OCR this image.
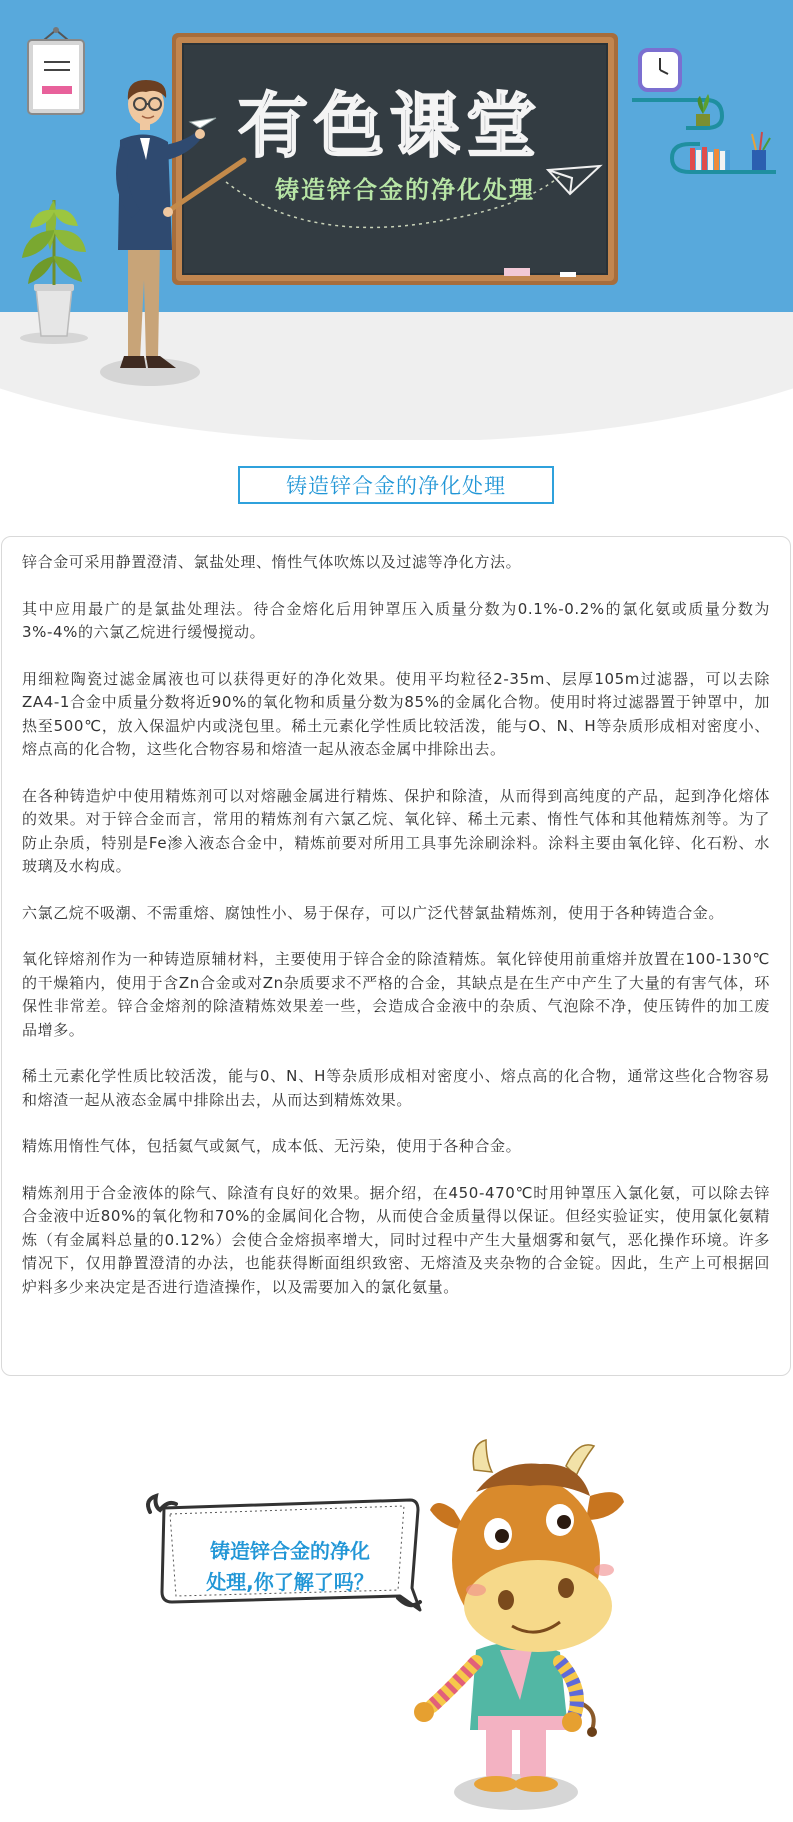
有色课堂
铸造锌合金的净化处理
铸造锌合金的净化处理

锌合金可采用静置澄清、氯盐处理、惰性气体吹炼以及过滤等净化方法。

其中应用最广的是氯盐处理法。待合金熔化后用钟罩压入质量分数为0.1%-0.2%的氯化氨或质量分数为3%-4%的六氯乙烷进行缓慢搅动。

用细粒陶瓷过滤金属液也可以获得更好的净化效果。使用平均粒径2-35m、层厚105m过滤器，可以去除ZA4-1合金中质量分数将近90%的氧化物和质量分数为85%的金属化合物。使用时将过滤器置于钟罩中，加热至500℃，放入保温炉内或浇包里。稀土元素化学性质比较活泼，能与O、N、H等杂质形成相对密度小、熔点高的化合物，这些化合物容易和熔渣一起从液态金属中排除出去。

在各种铸造炉中使用精炼剂可以对熔融金属进行精炼、保护和除渣，从而得到高纯度的产品，起到净化熔体的效果。对于锌合金而言，常用的精炼剂有六氯乙烷、氧化锌、稀土元素、惰性气体和其他精炼剂等。为了防止杂质，特别是Fe渗入液态合金中，精炼前要对所用工具事先涂刷涂料。涂料主要由氧化锌、化石粉、水玻璃及水构成。

六氯乙烷不吸潮、不需重熔、腐蚀性小、易于保存，可以广泛代替氯盐精炼剂，使用于各种铸造合金。

氧化锌熔剂作为一种铸造原辅材料，主要使用于锌合金的除渣精炼。氧化锌使用前重熔并放置在100-130℃的干燥箱内，使用于含Zn合金或对Zn杂质要求不严格的合金，其缺点是在生产中产生了大量的有害气体，环保性非常差。锌合金熔剂的除渣精炼效果差一些，会造成合金液中的杂质、气泡除不净，使压铸件的加工废品增多。

稀土元素化学性质比较活泼，能与0、N、H等杂质形成相对密度小、熔点高的化合物，通常这些化合物容易和熔渣一起从液态金属中排除出去，从而达到精炼效果。

精炼用惰性气体，包括氦气或氮气，成本低、无污染，使用于各种合金。

精炼剂用于合金液体的除气、除渣有良好的效果。据介绍，在450-470℃时用钟罩压入氯化氨，可以除去锌合金液中近80%的氧化物和70%的金属间化合物，从而使合金质量得以保证。但经实验证实，使用氯化氨精炼（有金属料总量的0.12%）会使合金熔损率增大，同时过程中产生大量烟雾和氨气，恶化操作环境。许多情况下，仅用静置澄清的办法，也能获得断面组织致密、无熔渣及夹杂物的合金锭。因此，生产上可根据回炉料多少来决定是否进行造渣操作，以及需要加入的氯化氨量。

铸造锌合金的净化
处理,你了解了吗？
